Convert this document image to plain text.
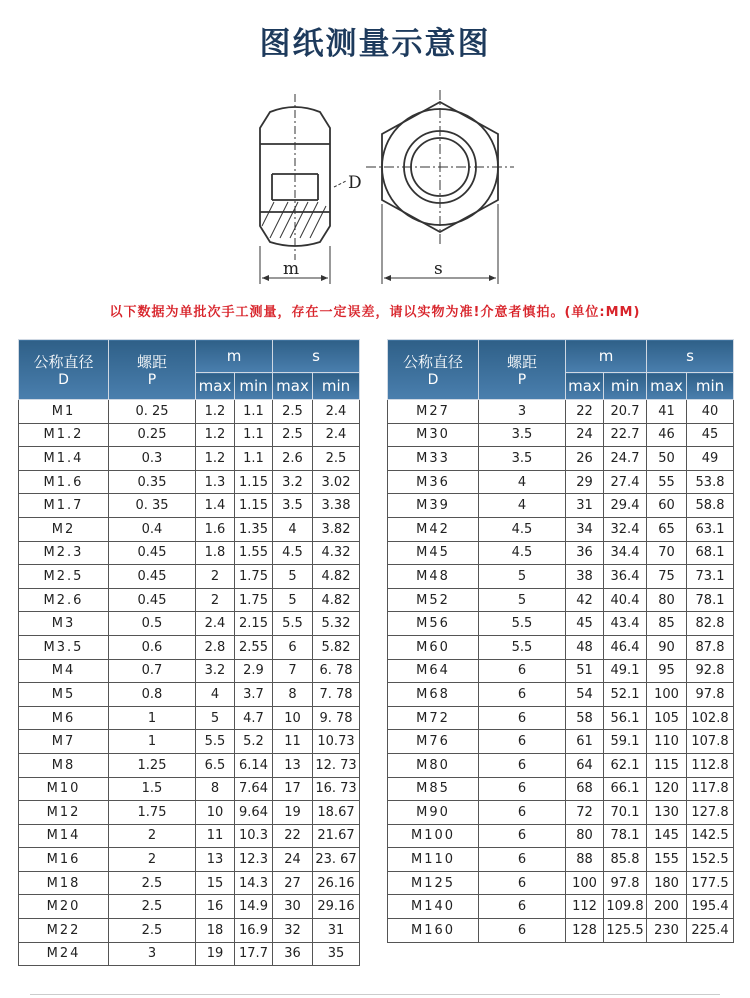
图纸测量示意图
D
m	s
以下数据为单批次手工测量，存在一定误差，请以实物为准!介意者慎拍。(单位:MM)
公称直径
D	螺距
P	m		s	
		max	min	max	min
M1	0. 25	1.2	1.1	2.5	2.4
M1.2	0.25	1.2	1.1	2.5	2.4
M1.4	0.3	1.2	1.1	2.6	2.5
M1.6	0.35	1.3	1.15	3.2	3.02
M1.7	0. 35	1.4	1.15	3.5	3.38
M2	0.4	1.6	1.35	4	3.82
M2.3	0.45	1.8	1.55	4.5	4.32
M2.5	0.45	2	1.75	5	4.82
M2.6	0.45	2	1.75	5	4.82
M3	0.5	2.4	2.15	5.5	5.32
M3.5	0.6	2.8	2.55	6	5.82
M4	0.7	3.2	2.9	7	6. 78
M5	0.8	4	3.7	8	7. 78
M6	1	5	4.7	10	9. 78
M7	1	5.5	5.2	11	10.73
M8	1.25	6.5	6.14	13	12. 73
M10	1.5	8	7.64	17	16. 73
M12	1.75	10	9.64	19	18.67
M14	2	11	10.3	22	21.67
M16	2	13	12.3	24	23. 67
M18	2.5	15	14.3	27	26.16
M20	2.5	16	14.9	30	29.16
M22	2.5	18	16.9	32	31
M24	3	19	17.7	36	35
公称直径
D	螺距
P	m		s	
		max	min	max	min
M27	3	22	20.7	41	40
M30	3.5	24	22.7	46	45
M33	3.5	26	24.7	50	49
M36	4	29	27.4	55	53.8
M39	4	31	29.4	60	58.8
M42	4.5	34	32.4	65	63.1
M45	4.5	36	34.4	70	68.1
M48	5	38	36.4	75	73.1
M52	5	42	40.4	80	78.1
M56	5.5	45	43.4	85	82.8
M60	5.5	48	46.4	90	87.8
M64	6	51	49.1	95	92.8
M68	6	54	52.1	100	97.8
M72	6	58	56.1	105	102.8
M76	6	61	59.1	110	107.8
M80	6	64	62.1	115	112.8
M85	6	68	66.1	120	117.8
M90	6	72	70.1	130	127.8
M100	6	80	78.1	145	142.5
M110	6	88	85.8	155	152.5
M125	6	100	97.8	180	177.5
M140	6	112	109.8	200	195.4
M160	6	128	125.5	230	225.4
